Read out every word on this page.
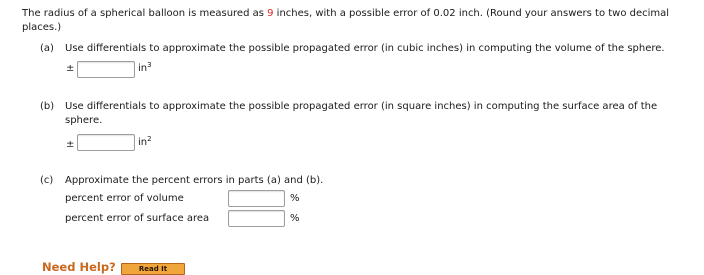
The radius of a spherical balloon is measured as 9 inches, with a possible error of 0.02 inch. (Round your answers to two decimal places.)
(a) Use differentials to approximate the possible propagated error (in cubic inches) in computing the volume of the sphere.
±	$in^3$
(b) Use differentials to approximate the possible propagated error (in square inches) in computing the surface area of the sphere.
±	$in^2$
(c) Approximate the percent errors in parts (a) and (b).
percent error of volume	%
percent error of surface area	%
Need Help?	Read It
